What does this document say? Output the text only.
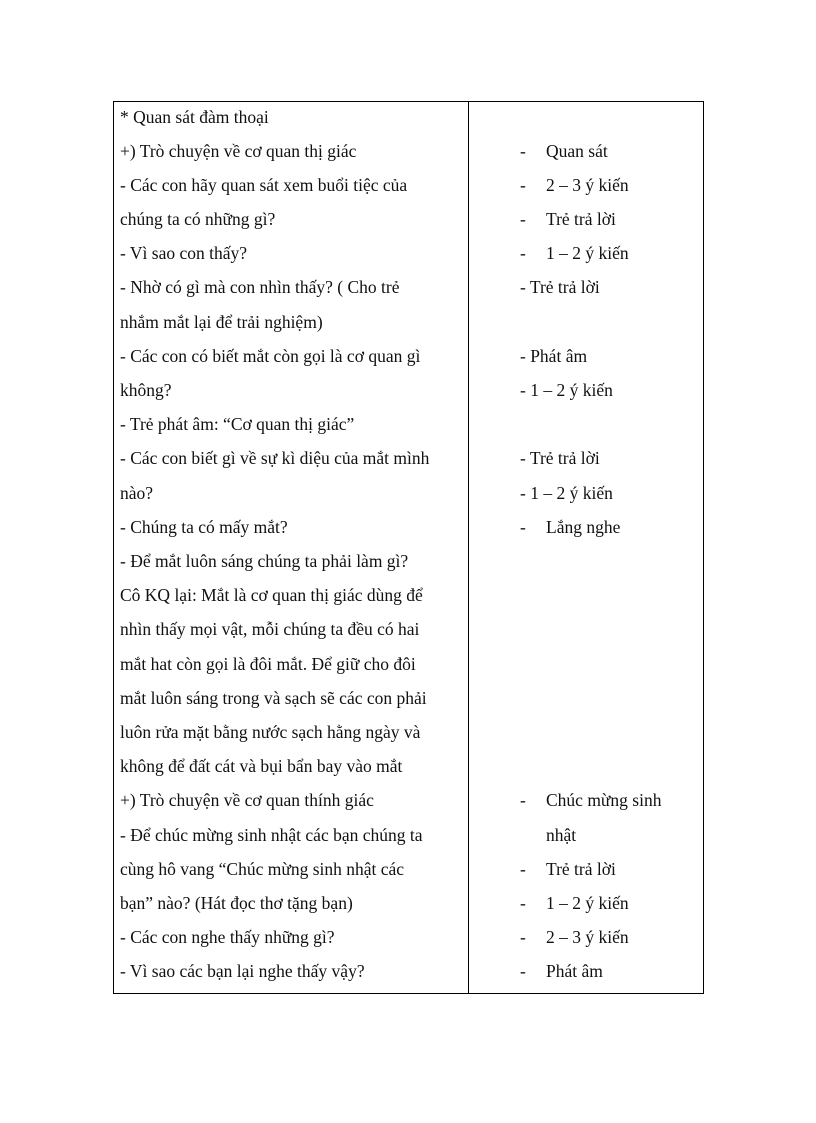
* Quan sát đàm thoại
+) Trò chuyện về cơ quan thị giác
- Các con hãy quan sát xem buổi tiệc của
chúng ta có những gì?
- Vì sao con thấy?
- Nhờ có gì mà con nhìn thấy? ( Cho trẻ
nhắm mắt lại để trải nghiệm)
- Các con có biết mắt còn gọi là cơ quan gì
không?
- Trẻ phát âm: “Cơ quan thị giác”
- Các con biết gì về sự kì diệu của mắt mình
nào?
- Chúng ta có mấy mắt?
- Để mắt luôn sáng chúng ta phải làm gì?
Cô KQ lại: Mắt là cơ quan thị giác dùng để
nhìn thấy mọi vật, mỗi chúng ta đều có hai
mắt hat còn gọi là đôi mắt. Để giữ cho đôi
mắt luôn sáng trong và sạch sẽ các con phải
luôn rửa mặt bằng nước sạch hằng ngày và
không để đất cát và bụi bẩn bay vào mắt
+) Trò chuyện về cơ quan thính giác
- Để chúc mừng sinh nhật các bạn chúng ta
cùng hô vang “Chúc mừng sinh nhật các
bạn” nào? (Hát đọc thơ tặng bạn)
- Các con nghe thấy những gì?
- Vì sao các bạn lại nghe thấy vậy?
- Quan sát
- 2 – 3 ý kiến
- Trẻ trả lời
- 1 – 2 ý kiến
- Trẻ trả lời
- Phát âm
- 1 – 2 ý kiến
- Trẻ trả lời
- 1 – 2 ý kiến
- Lắng nghe
- Chúc mừng sinh
nhật
- Trẻ trả lời
- 1 – 2 ý kiến
- 2 – 3 ý kiến
- Phát âm
